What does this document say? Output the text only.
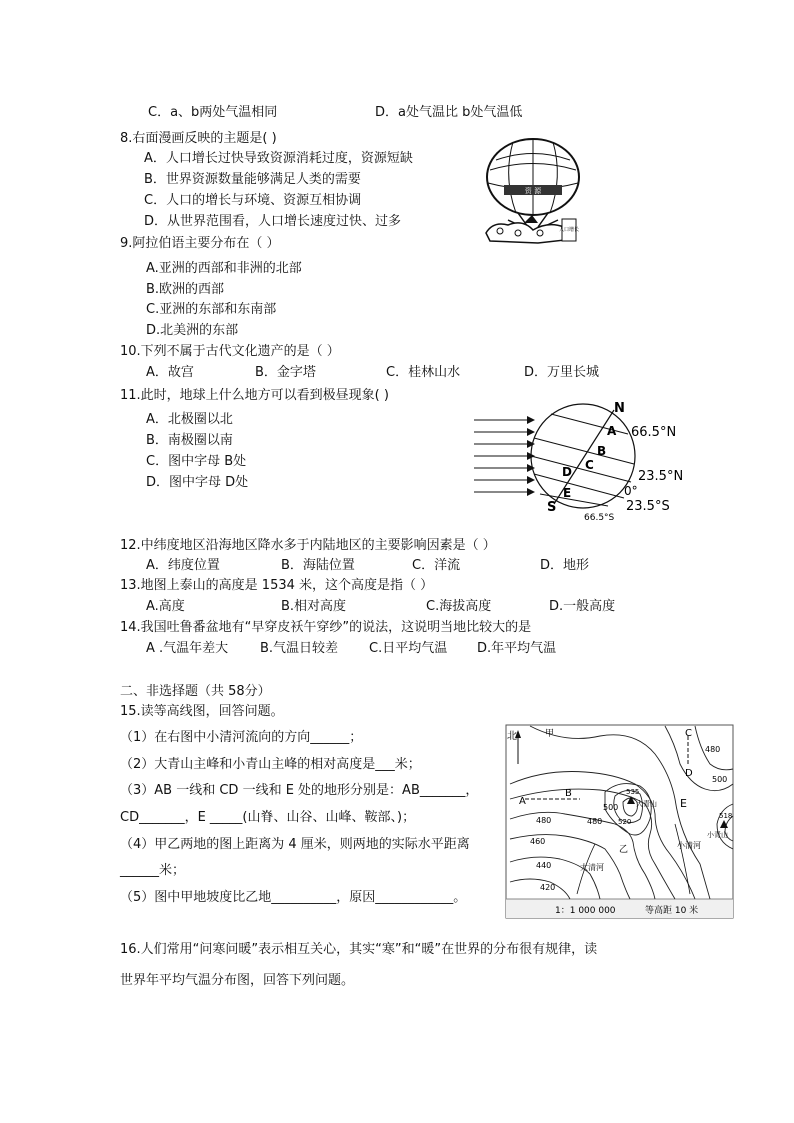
C．a、b两处气温相同	D．a处气温比 b处气温低
8.右面漫画反映的主题是( )
A．人口增长过快导致资源消耗过度，资源短缺
B．世界资源数量能够满足人类的需要
C．人口的增长与环境、资源互相协调
D．从世界范围看，人口增长速度过快、过多
资 源
人口增长
9.阿拉伯语主要分布在（ ）
A.亚洲的西部和非洲的北部
B.欧洲的西部
C.亚洲的东部和东南部
D.北美洲的东部
10.下列不属于古代文化遗产的是（ ）
A．故宫	B．金字塔	C．桂林山水	D．万里长城
11.此时，地球上什么地方可以看到极昼现象( )
A．北极圈以北
B．南极圈以南
C．图中字母 B处
D．图中字母 D处
N
A
B
C
D
E
S
66.5°N
23.5°N
0°
23.5°S
66.5°S
12.中纬度地区沿海地区降水多于内陆地区的主要影响因素是（ ）
A．纬度位置	B．海陆位置	C．洋流	D．地形
13.地图上泰山的高度是 1534 米，这个高度是指（ ）
A.高度	B.相对高度	C.海拔高度	D.一般高度
14.我国吐鲁番盆地有“早穿皮袄午穿纱”的说法，这说明当地比较大的是
A .气温年差大 B.气温日较差 C.日平均气温 D.年平均气温
二、非选择题（共 58分）
15.读等高线图，回答问题。
（1）在右图中小清河流向的方向______；
（2）大青山主峰和小青山主峰的相对高度是___米；
（3）AB 一线和 CD 一线和 E 处的地形分别是：AB_______，
CD_______，E _____(山脊、山谷、山峰、鞍部、)；
（4）甲乙两地的图上距离为 4 厘米，则两地的实际水平距离
______米；
（5）图中甲地坡度比乙地__________，原因____________。
北	甲
乙
A
B
C
D
E
480
500
480
460
440
420
500
480
535
大青山
520
518
小青山
大清河
小清河
1：1 000 000	等高距 10 米
16.人们常用“问寒问暖”表示相互关心，其实“寒”和“暖”在世界的分布很有规律，读
世界年平均气温分布图，回答下列问题。
